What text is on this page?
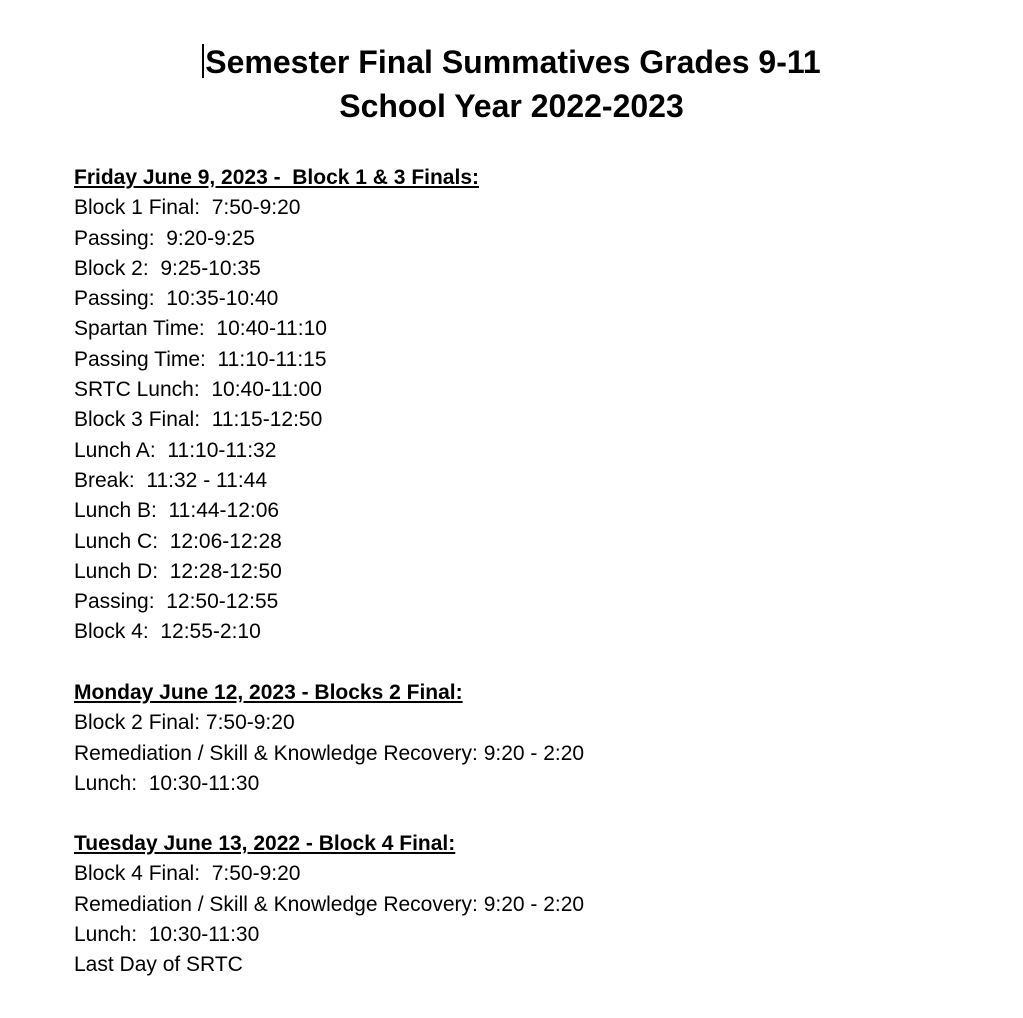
Semester Final Summatives Grades 9-11
School Year 2022-2023
Friday June 9, 2023 -  Block 1 & 3 Finals:
Block 1 Final:  7:50-9:20
Passing:  9:20-9:25
Block 2:  9:25-10:35
Passing:  10:35-10:40
Spartan Time:  10:40-11:10
Passing Time:  11:10-11:15
SRTC Lunch:  10:40-11:00
Block 3 Final:  11:15-12:50
Lunch A:  11:10-11:32
Break:  11:32 - 11:44
Lunch B:  11:44-12:06
Lunch C:  12:06-12:28
Lunch D:  12:28-12:50
Passing:  12:50-12:55
Block 4:  12:55-2:10
Monday June 12, 2023 - Blocks 2 Final:
Block 2 Final: 7:50-9:20
Remediation / Skill & Knowledge Recovery: 9:20 - 2:20
Lunch:  10:30-11:30
Tuesday June 13, 2022 - Block 4 Final:
Block 4 Final:  7:50-9:20
Remediation / Skill & Knowledge Recovery: 9:20 - 2:20
Lunch:  10:30-11:30
Last Day of SRTC
